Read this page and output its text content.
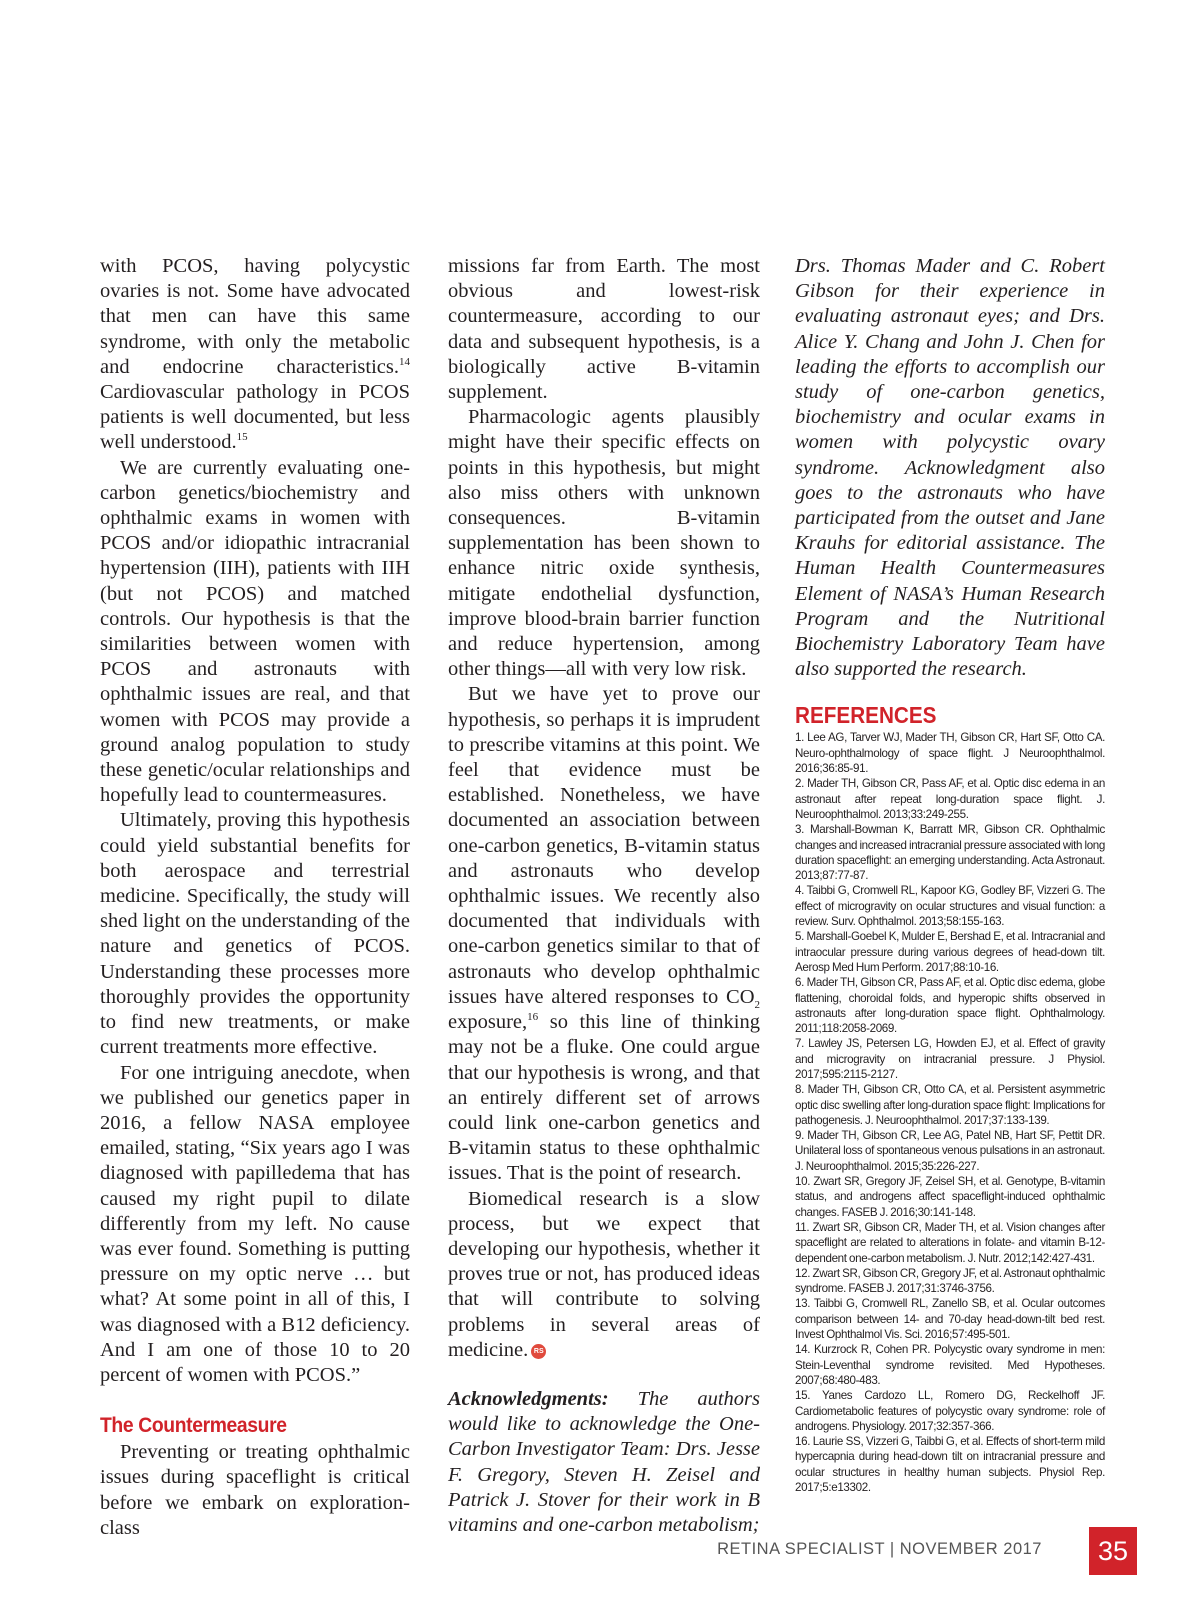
with PCOS, having polycystic ovaries is not. Some have advocated that men can have this same syndrome, with only the metabolic and endocrine characteristics.$^{14}$ Cardiovascular pathology in PCOS patients is well documented, but less well understood.$^{15}$

We are currently evaluating one-carbon genetics/biochemistry and ophthalmic exams in women with PCOS and/or idiopathic intracranial hypertension (IIH), patients with IIH (but not PCOS) and matched controls. Our hypothesis is that the similarities between women with PCOS and astronauts with ophthalmic issues are real, and that women with PCOS may provide a ground analog population to study these genetic/ocular relationships and hopefully lead to countermeasures.

Ultimately, proving this hypothesis could yield substantial benefits for both aerospace and terrestrial medicine. Specifically, the study will shed light on the understanding of the nature and genetics of PCOS. Understanding these processes more thoroughly provides the opportunity to find new treatments, or make current treatments more effective.

For one intriguing anecdote, when we published our genetics paper in 2016, a fellow NASA employee emailed, stating, “Six years ago I was diagnosed with papilledema that has caused my right pupil to dilate differently from my left. No cause was ever found. Something is putting pressure on my optic nerve … but what? At some point in all of this, I was diagnosed with a B12 deficiency. And I am one of those 10 to 20 percent of women with PCOS.”

The Countermeasure

Preventing or treating ophthalmic issues during spaceflight is critical before we embark on exploration-class

missions far from Earth. The most obvious and lowest-risk countermeasure, according to our data and subsequent hypothesis, is a biologically active B-vitamin supplement.

Pharmacologic agents plausibly might have their specific effects on points in this hypothesis, but might also miss others with unknown consequences. B-vitamin supplementation has been shown to enhance nitric oxide synthesis, mitigate endothelial dysfunction, improve blood-brain barrier function and reduce hypertension, among other things—all with very low risk.

But we have yet to prove our hypothesis, so perhaps it is imprudent to prescribe vitamins at this point. We feel that evidence must be established. Nonetheless, we have documented an association between one-carbon genetics, B-vitamin status and astronauts who develop ophthalmic issues. We recently also documented that individuals with one-carbon genetics similar to that of astronauts who develop ophthalmic issues have altered responses to $CO_2$ exposure,$^{16}$ so this line of thinking may not be a fluke. One could argue that our hypothesis is wrong, and that an entirely different set of arrows could link one-carbon genetics and B-vitamin status to these ophthalmic issues. That is the point of research.

Biomedical research is a slow process, but we expect that developing our hypothesis, whether it proves true or not, has produced ideas that will contribute to solving problems in several areas of medicine. RS

Acknowledgments: The authors would like to acknowledge the One-Carbon Investigator Team: Drs. Jesse F. Gregory, Steven H. Zeisel and Patrick J. Stover for their work in B vitamins and one-carbon metabolism;

Drs. Thomas Mader and C. Robert Gibson for their experience in evaluating astronaut eyes; and Drs. Alice Y. Chang and John J. Chen for leading the efforts to accomplish our study of one-carbon genetics, biochemistry and ocular exams in women with polycystic ovary syndrome. Acknowledgment also goes to the astronauts who have participated from the outset and Jane Krauhs for editorial assistance. The Human Health Countermeasures Element of NASA’s Human Research Program and the Nutritional Biochemistry Laboratory Team have also supported the research.

REFERENCES

1. Lee AG, Tarver WJ, Mader TH, Gibson CR, Hart SF, Otto CA. Neuro-ophthalmology of space flight. J Neuroophthalmol. 2016;36:85-91.

2. Mader TH, Gibson CR, Pass AF, et al. Optic disc edema in an astronaut after repeat long-duration space flight. J. Neuroophthalmol. 2013;33:249-255.

3. Marshall-Bowman K, Barratt MR, Gibson CR. Ophthalmic changes and increased intracranial pressure associated with long duration spaceflight: an emerging understanding. Acta Astronaut. 2013;87:77-87.

4. Taibbi G, Cromwell RL, Kapoor KG, Godley BF, Vizzeri G. The effect of microgravity on ocular structures and visual function: a review. Surv. Ophthalmol. 2013;58:155-163.

5. Marshall-Goebel K, Mulder E, Bershad E, et al. Intracranial and intraocular pressure during various degrees of head-down tilt. Aerosp Med Hum Perform. 2017;88:10-16.

6. Mader TH, Gibson CR, Pass AF, et al. Optic disc edema, globe flattening, choroidal folds, and hyperopic shifts observed in astronauts after long-duration space flight. Ophthalmology. 2011;118:2058-2069.

7. Lawley JS, Petersen LG, Howden EJ, et al. Effect of gravity and microgravity on intracranial pressure. J Physiol. 2017;595:2115-2127.

8. Mader TH, Gibson CR, Otto CA, et al. Persistent asymmetric optic disc swelling after long-duration space flight: Implications for pathogenesis. J. Neuroophthalmol. 2017;37:133-139.

9. Mader TH, Gibson CR, Lee AG, Patel NB, Hart SF, Pettit DR. Unilateral loss of spontaneous venous pulsations in an astronaut. J. Neuroophthalmol. 2015;35:226-227.

10. Zwart SR, Gregory JF, Zeisel SH, et al. Genotype, B-vitamin status, and androgens affect spaceflight-induced ophthalmic changes. FASEB J. 2016;30:141-148.

11. Zwart SR, Gibson CR, Mader TH, et al. Vision changes after spaceflight are related to alterations in folate- and vitamin B-12-dependent one-carbon metabolism. J. Nutr. 2012;142:427-431.

12. Zwart SR, Gibson CR, Gregory JF, et al. Astronaut ophthalmic syndrome. FASEB J. 2017;31:3746-3756.

13. Taibbi G, Cromwell RL, Zanello SB, et al. Ocular outcomes comparison between 14- and 70-day head-down-tilt bed rest. Invest Ophthalmol Vis. Sci. 2016;57:495-501.

14. Kurzrock R, Cohen PR. Polycystic ovary syndrome in men: Stein-Leventhal syndrome revisited. Med Hypotheses. 2007;68:480-483.

15. Yanes Cardozo LL, Romero DG, Reckelhoff JF. Cardiometabolic features of polycystic ovary syndrome: role of androgens. Physiology. 2017;32:357-366.

16. Laurie SS, Vizzeri G, Taibbi G, et al. Effects of short-term mild hypercapnia during head-down tilt on intracranial pressure and ocular structures in healthy human subjects. Physiol Rep. 2017;5:e13302.

RETINA SPECIALIST | NOVEMBER 2017	35
